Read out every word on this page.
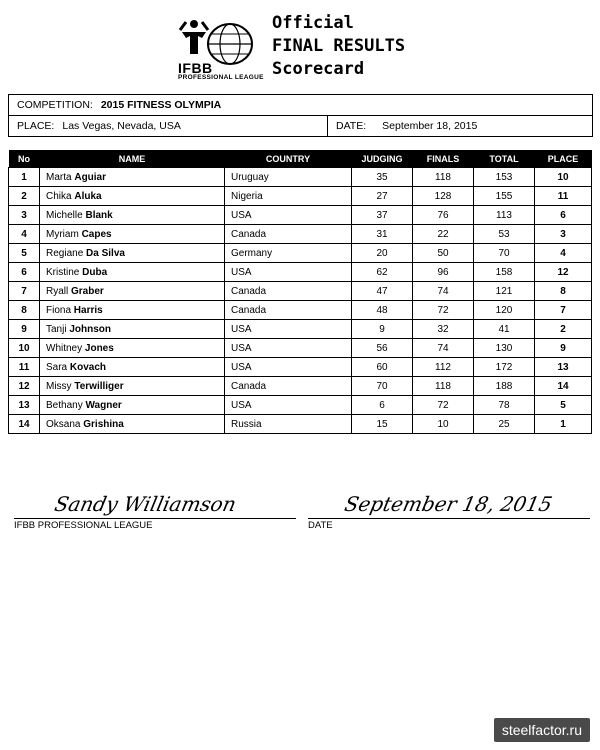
IFBB
PROFESSIONAL LEAGUE
Official
FINAL RESULTS
Scorecard
COMPETITION: 2015 FITNESS OLYMPIA
PLACE: Las Vegas, Nevada, USA	DATE: September 18, 2015
No	NAME	COUNTRY	JUDGING	FINALS	TOTAL	PLACE
1	Marta Aguiar	Uruguay	35	118	153	10
2	Chika Aluka	Nigeria	27	128	155	11
3	Michelle Blank	USA	37	76	113	6
4	Myriam Capes	Canada	31	22	53	3
5	Regiane Da Silva	Germany	20	50	70	4
6	Kristine Duba	USA	62	96	158	12
7	Ryall Graber	Canada	47	74	121	8
8	Fiona Harris	Canada	48	72	120	7
9	Tanji Johnson	USA	9	32	41	2
10	Whitney Jones	USA	56	74	130	9
11	Sara Kovach	USA	60	112	172	13
12	Missy Terwilliger	Canada	70	118	188	14
13	Bethany Wagner	USA	6	72	78	5
14	Oksana Grishina	Russia	15	10	25	1
Sandy Williamson
IFBB PROFESSIONAL LEAGUE
September 18, 2015
DATE
steelfactor.ru
